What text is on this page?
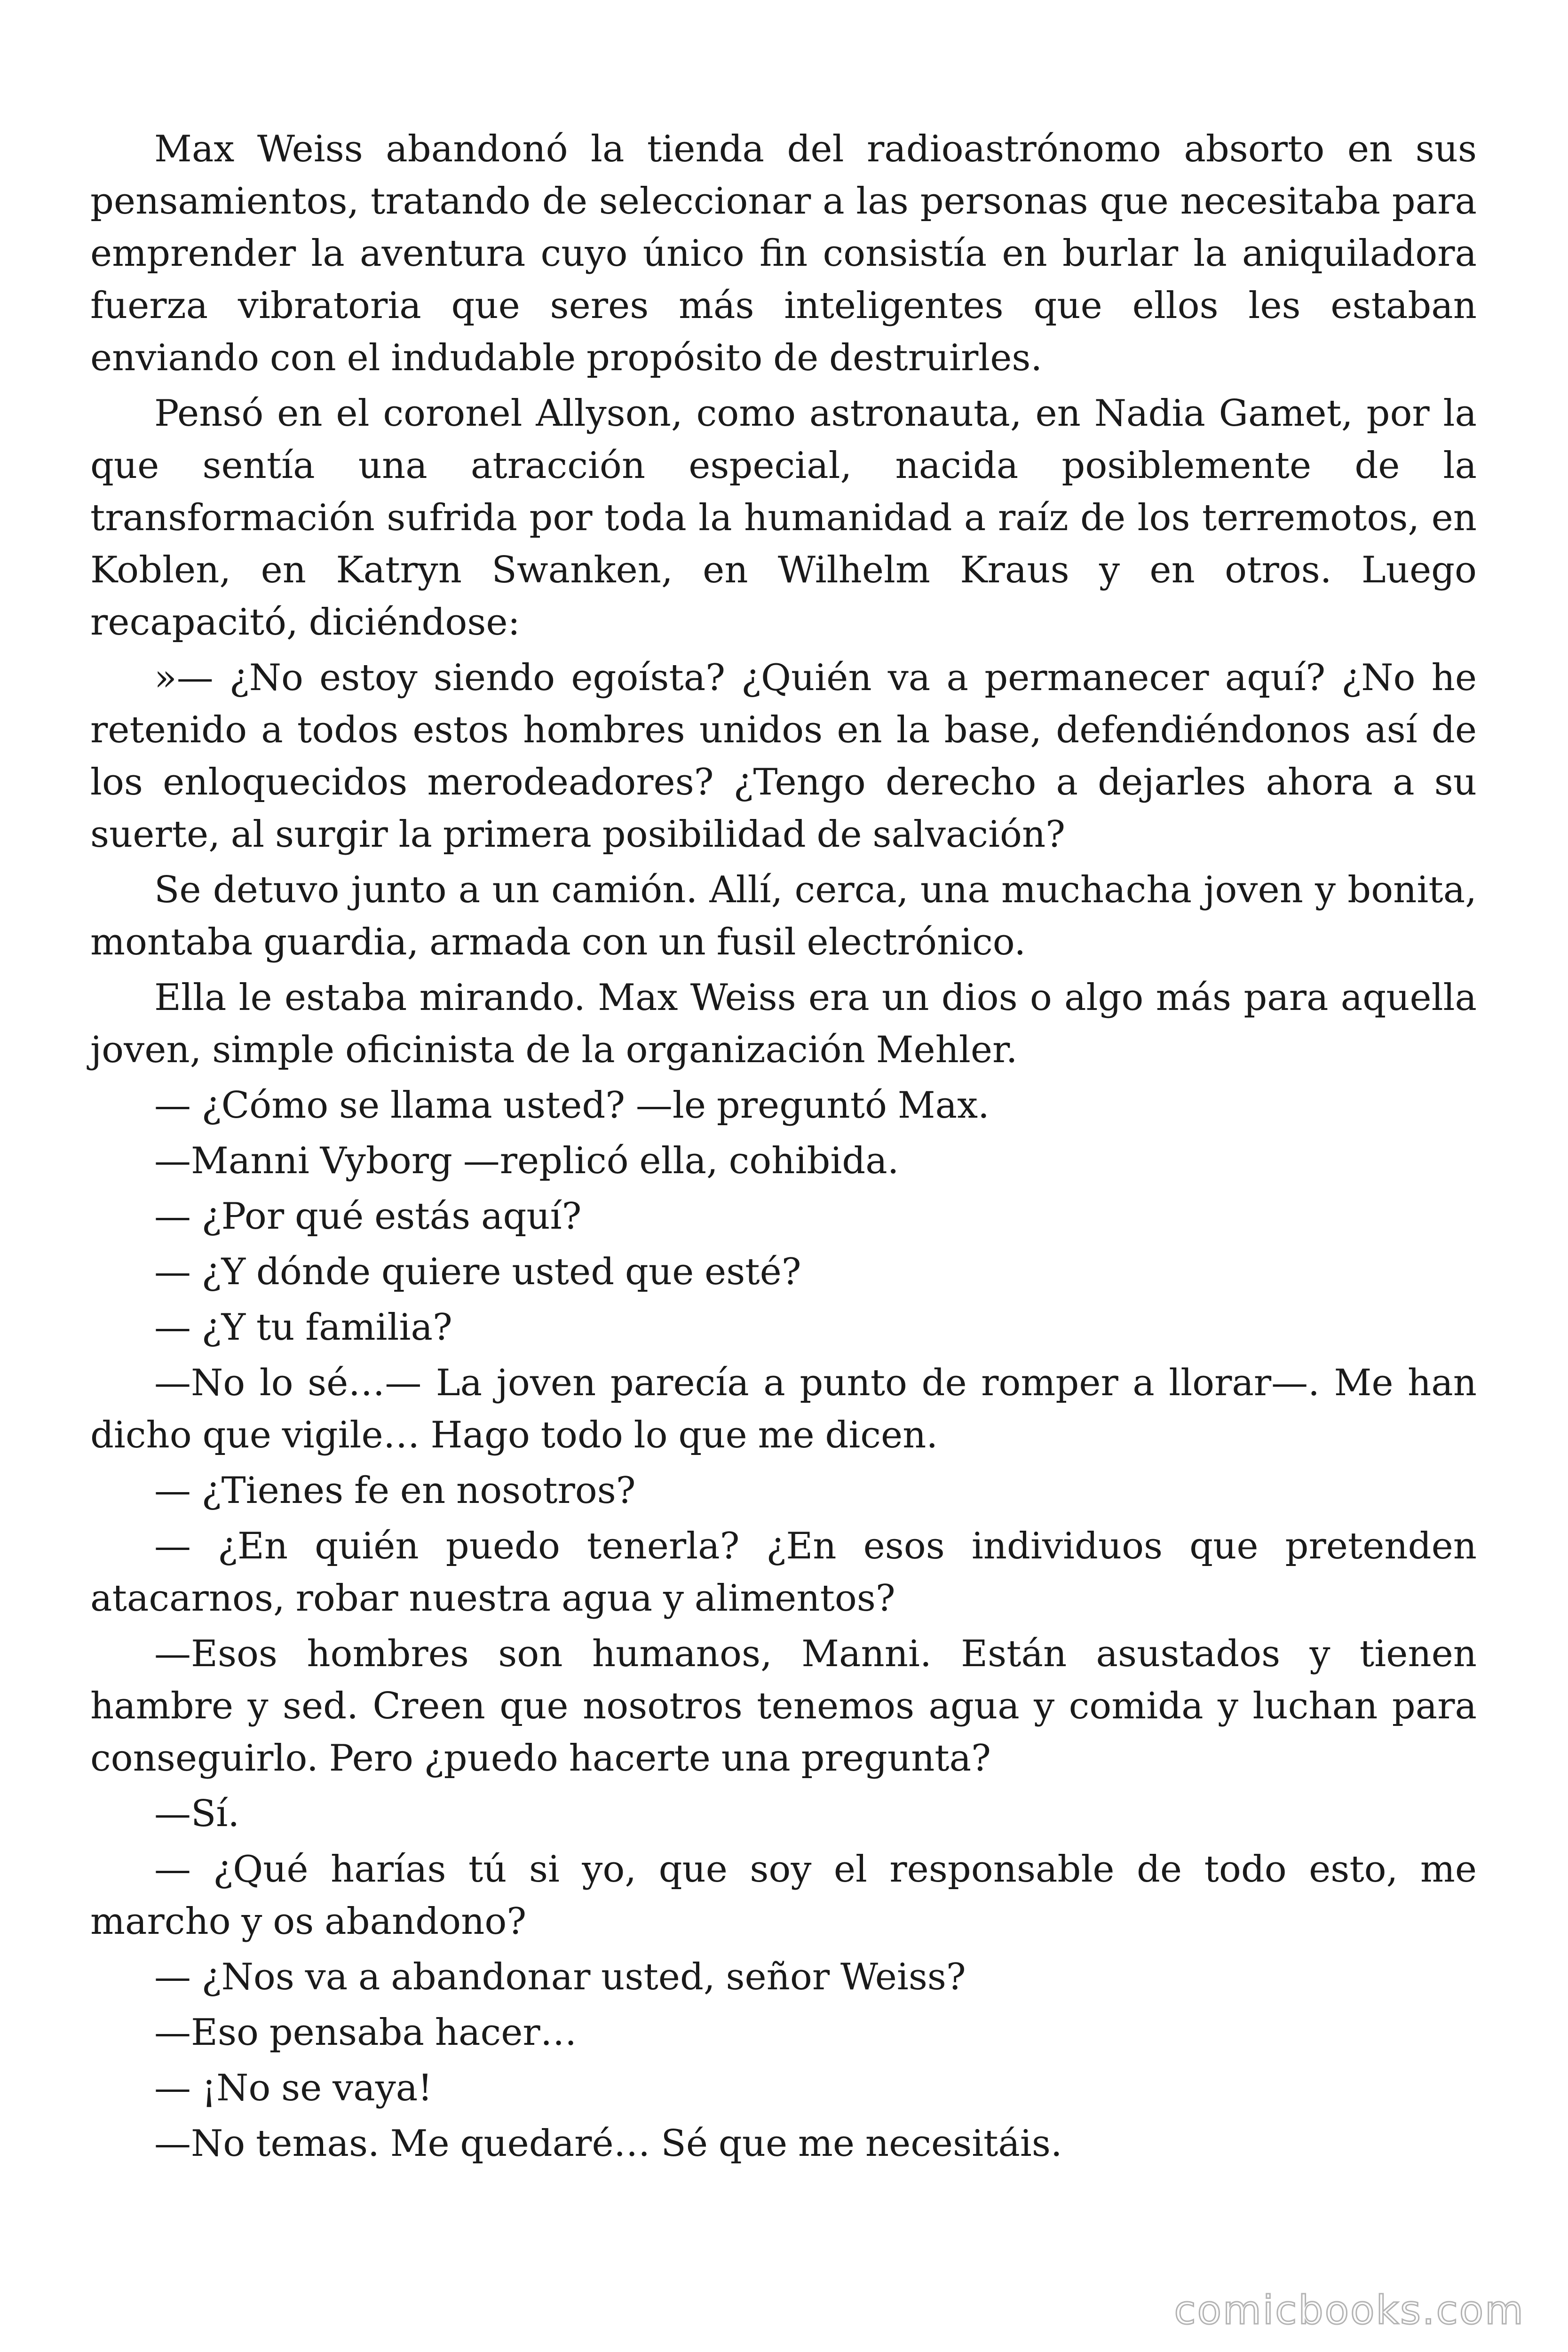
Max Weiss abandonó la tienda del radioastrónomo absorto en sus pensamientos, tratando de seleccionar a las personas que necesitaba para emprender la aventura cuyo único fin consistía en burlar la aniquiladora fuerza vibratoria que seres más inteligentes que ellos les estaban enviando con el indudable propósito de destruirles.

Pensó en el coronel Allyson, como astronauta, en Nadia Gamet, por la que sentía una atracción especial, nacida posiblemente de la transformación sufrida por toda la humanidad a raíz de los terremotos, en Koblen, en Katryn Swanken, en Wilhelm Kraus y en otros. Luego recapacitó, diciéndose:

»— ¿No estoy siendo egoísta? ¿Quién va a permanecer aquí? ¿No he retenido a todos estos hombres unidos en la base, defendiéndonos así de los enloquecidos merodeadores? ¿Tengo derecho a dejarles ahora a su suerte, al surgir la primera posibilidad de salvación?

Se detuvo junto a un camión. Allí, cerca, una muchacha joven y bonita, montaba guardia, armada con un fusil electrónico.

Ella le estaba mirando. Max Weiss era un dios o algo más para aquella joven, simple oficinista de la organización Mehler.

— ¿Cómo se llama usted? —le preguntó Max.

—Manni Vyborg —replicó ella, cohibida.

— ¿Por qué estás aquí?

— ¿Y dónde quiere usted que esté?

— ¿Y tu familia?

—No lo sé…— La joven parecía a punto de romper a llorar—. Me han dicho que vigile… Hago todo lo que me dicen.

— ¿Tienes fe en nosotros?

— ¿En quién puedo tenerla? ¿En esos individuos que pretenden atacarnos, robar nuestra agua y alimentos?

—Esos hombres son humanos, Manni. Están asustados y tienen hambre y sed. Creen que nosotros tenemos agua y comida y luchan para conseguirlo. Pero ¿puedo hacerte una pregunta?

—Sí.

— ¿Qué harías tú si yo, que soy el responsable de todo esto, me marcho y os abandono?

— ¿Nos va a abandonar usted, señor Weiss?

—Eso pensaba hacer…

— ¡No se vaya!

—No temas. Me quedaré… Sé que me necesitáis.

comicbooks.com
